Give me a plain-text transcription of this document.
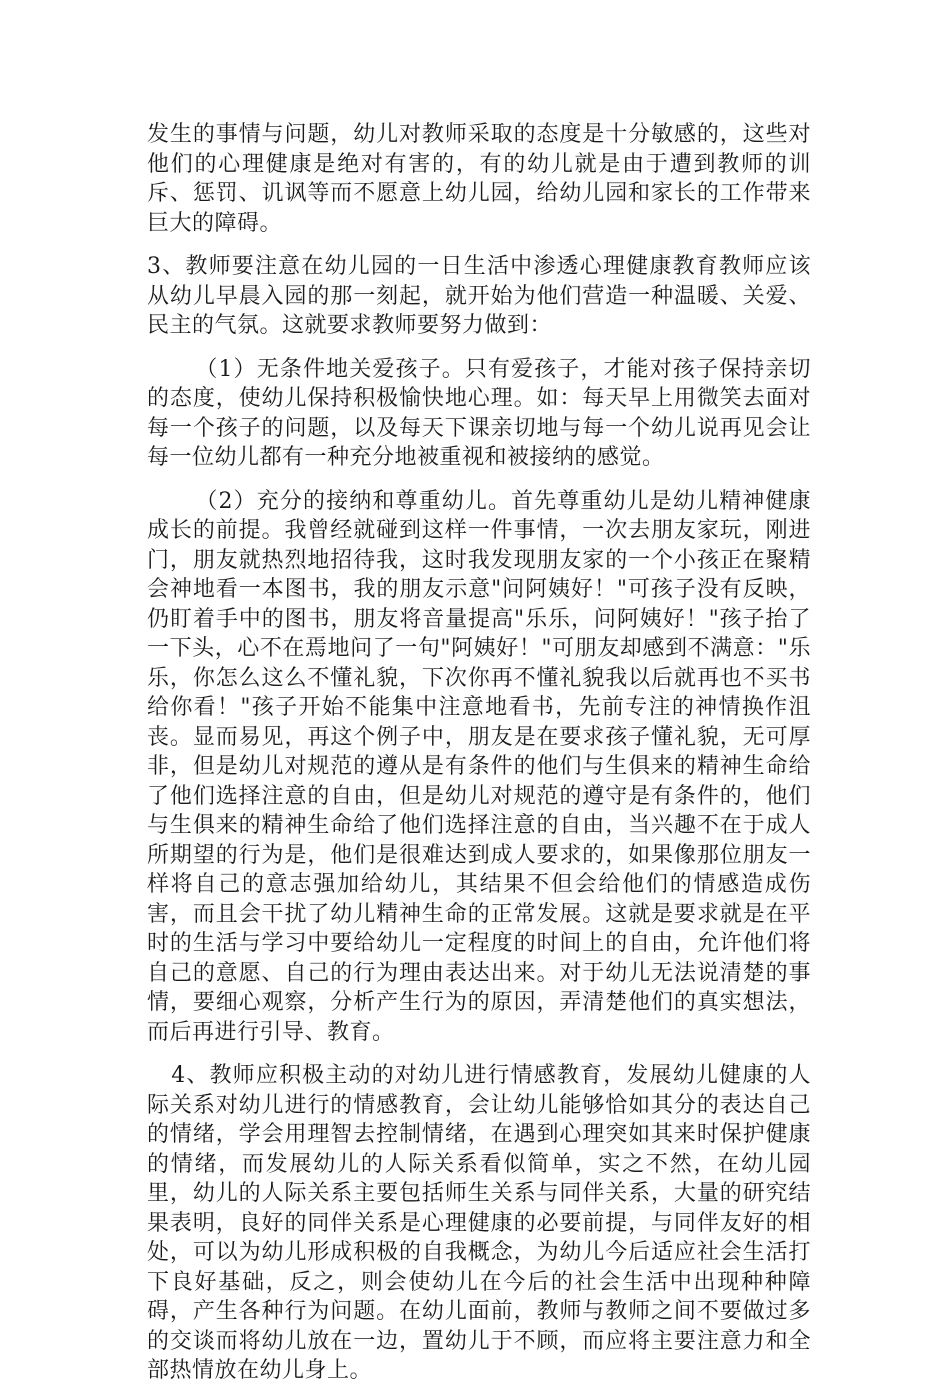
发生的事情与问题，幼儿对教师采取的态度是十分敏感的，这些对他们的心理健康是绝对有害的，有的幼儿就是由于遭到教师的训斥、惩罚、讥讽等而不愿意上幼儿园，给幼儿园和家长的工作带来巨大的障碍。

3、教师要注意在幼儿园的一日生活中渗透心理健康教育教师应该从幼儿早晨入园的那一刻起，就开始为他们营造一种温暖、关爱、民主的气氛。这就要求教师要努力做到：

（1）无条件地关爱孩子。只有爱孩子，才能对孩子保持亲切的态度，使幼儿保持积极愉快地心理。如：每天早上用微笑去面对每一个孩子的问题，以及每天下课亲切地与每一个幼儿说再见会让每一位幼儿都有一种充分地被重视和被接纳的感觉。

（2）充分的接纳和尊重幼儿。首先尊重幼儿是幼儿精神健康成长的前提。我曾经就碰到这样一件事情，一次去朋友家玩，刚进门，朋友就热烈地招待我，这时我发现朋友家的一个小孩正在聚精会神地看一本图书，我的朋友示意"问阿姨好！"可孩子没有反映，仍盯着手中的图书，朋友将音量提高"乐乐，问阿姨好！"孩子抬了一下头，心不在焉地问了一句"阿姨好！"可朋友却感到不满意："乐乐，你怎么这么不懂礼貌，下次你再不懂礼貌我以后就再也不买书给你看！"孩子开始不能集中注意地看书，先前专注的神情换作沮丧。显而易见，再这个例子中，朋友是在要求孩子懂礼貌，无可厚非，但是幼儿对规范的遵从是有条件的他们与生俱来的精神生命给了他们选择注意的自由，但是幼儿对规范的遵守是有条件的，他们与生俱来的精神生命给了他们选择注意的自由，当兴趣不在于成人所期望的行为是，他们是很难达到成人要求的，如果像那位朋友一样将自己的意志强加给幼儿，其结果不但会给他们的情感造成伤害，而且会干扰了幼儿精神生命的正常发展。这就是要求就是在平时的生活与学习中要给幼儿一定程度的时间上的自由，允许他们将自己的意愿、自己的行为理由表达出来。对于幼儿无法说清楚的事情，要细心观察，分析产生行为的原因，弄清楚他们的真实想法，而后再进行引导、教育。

4、教师应积极主动的对幼儿进行情感教育，发展幼儿健康的人际关系对幼儿进行的情感教育，会让幼儿能够恰如其分的表达自己的情绪，学会用理智去控制情绪，在遇到心理突如其来时保护健康的情绪，而发展幼儿的人际关系看似简单，实之不然，在幼儿园里，幼儿的人际关系主要包括师生关系与同伴关系，大量的研究结果表明，良好的同伴关系是心理健康的必要前提，与同伴友好的相处，可以为幼儿形成积极的自我概念，为幼儿今后适应社会生活打下良好基础，反之，则会使幼儿在今后的社会生活中出现种种障碍，产生各种行为问题。在幼儿面前，教师与教师之间不要做过多的交谈而将幼儿放在一边，置幼儿于不顾，而应将主要注意力和全部热情放在幼儿身上。
